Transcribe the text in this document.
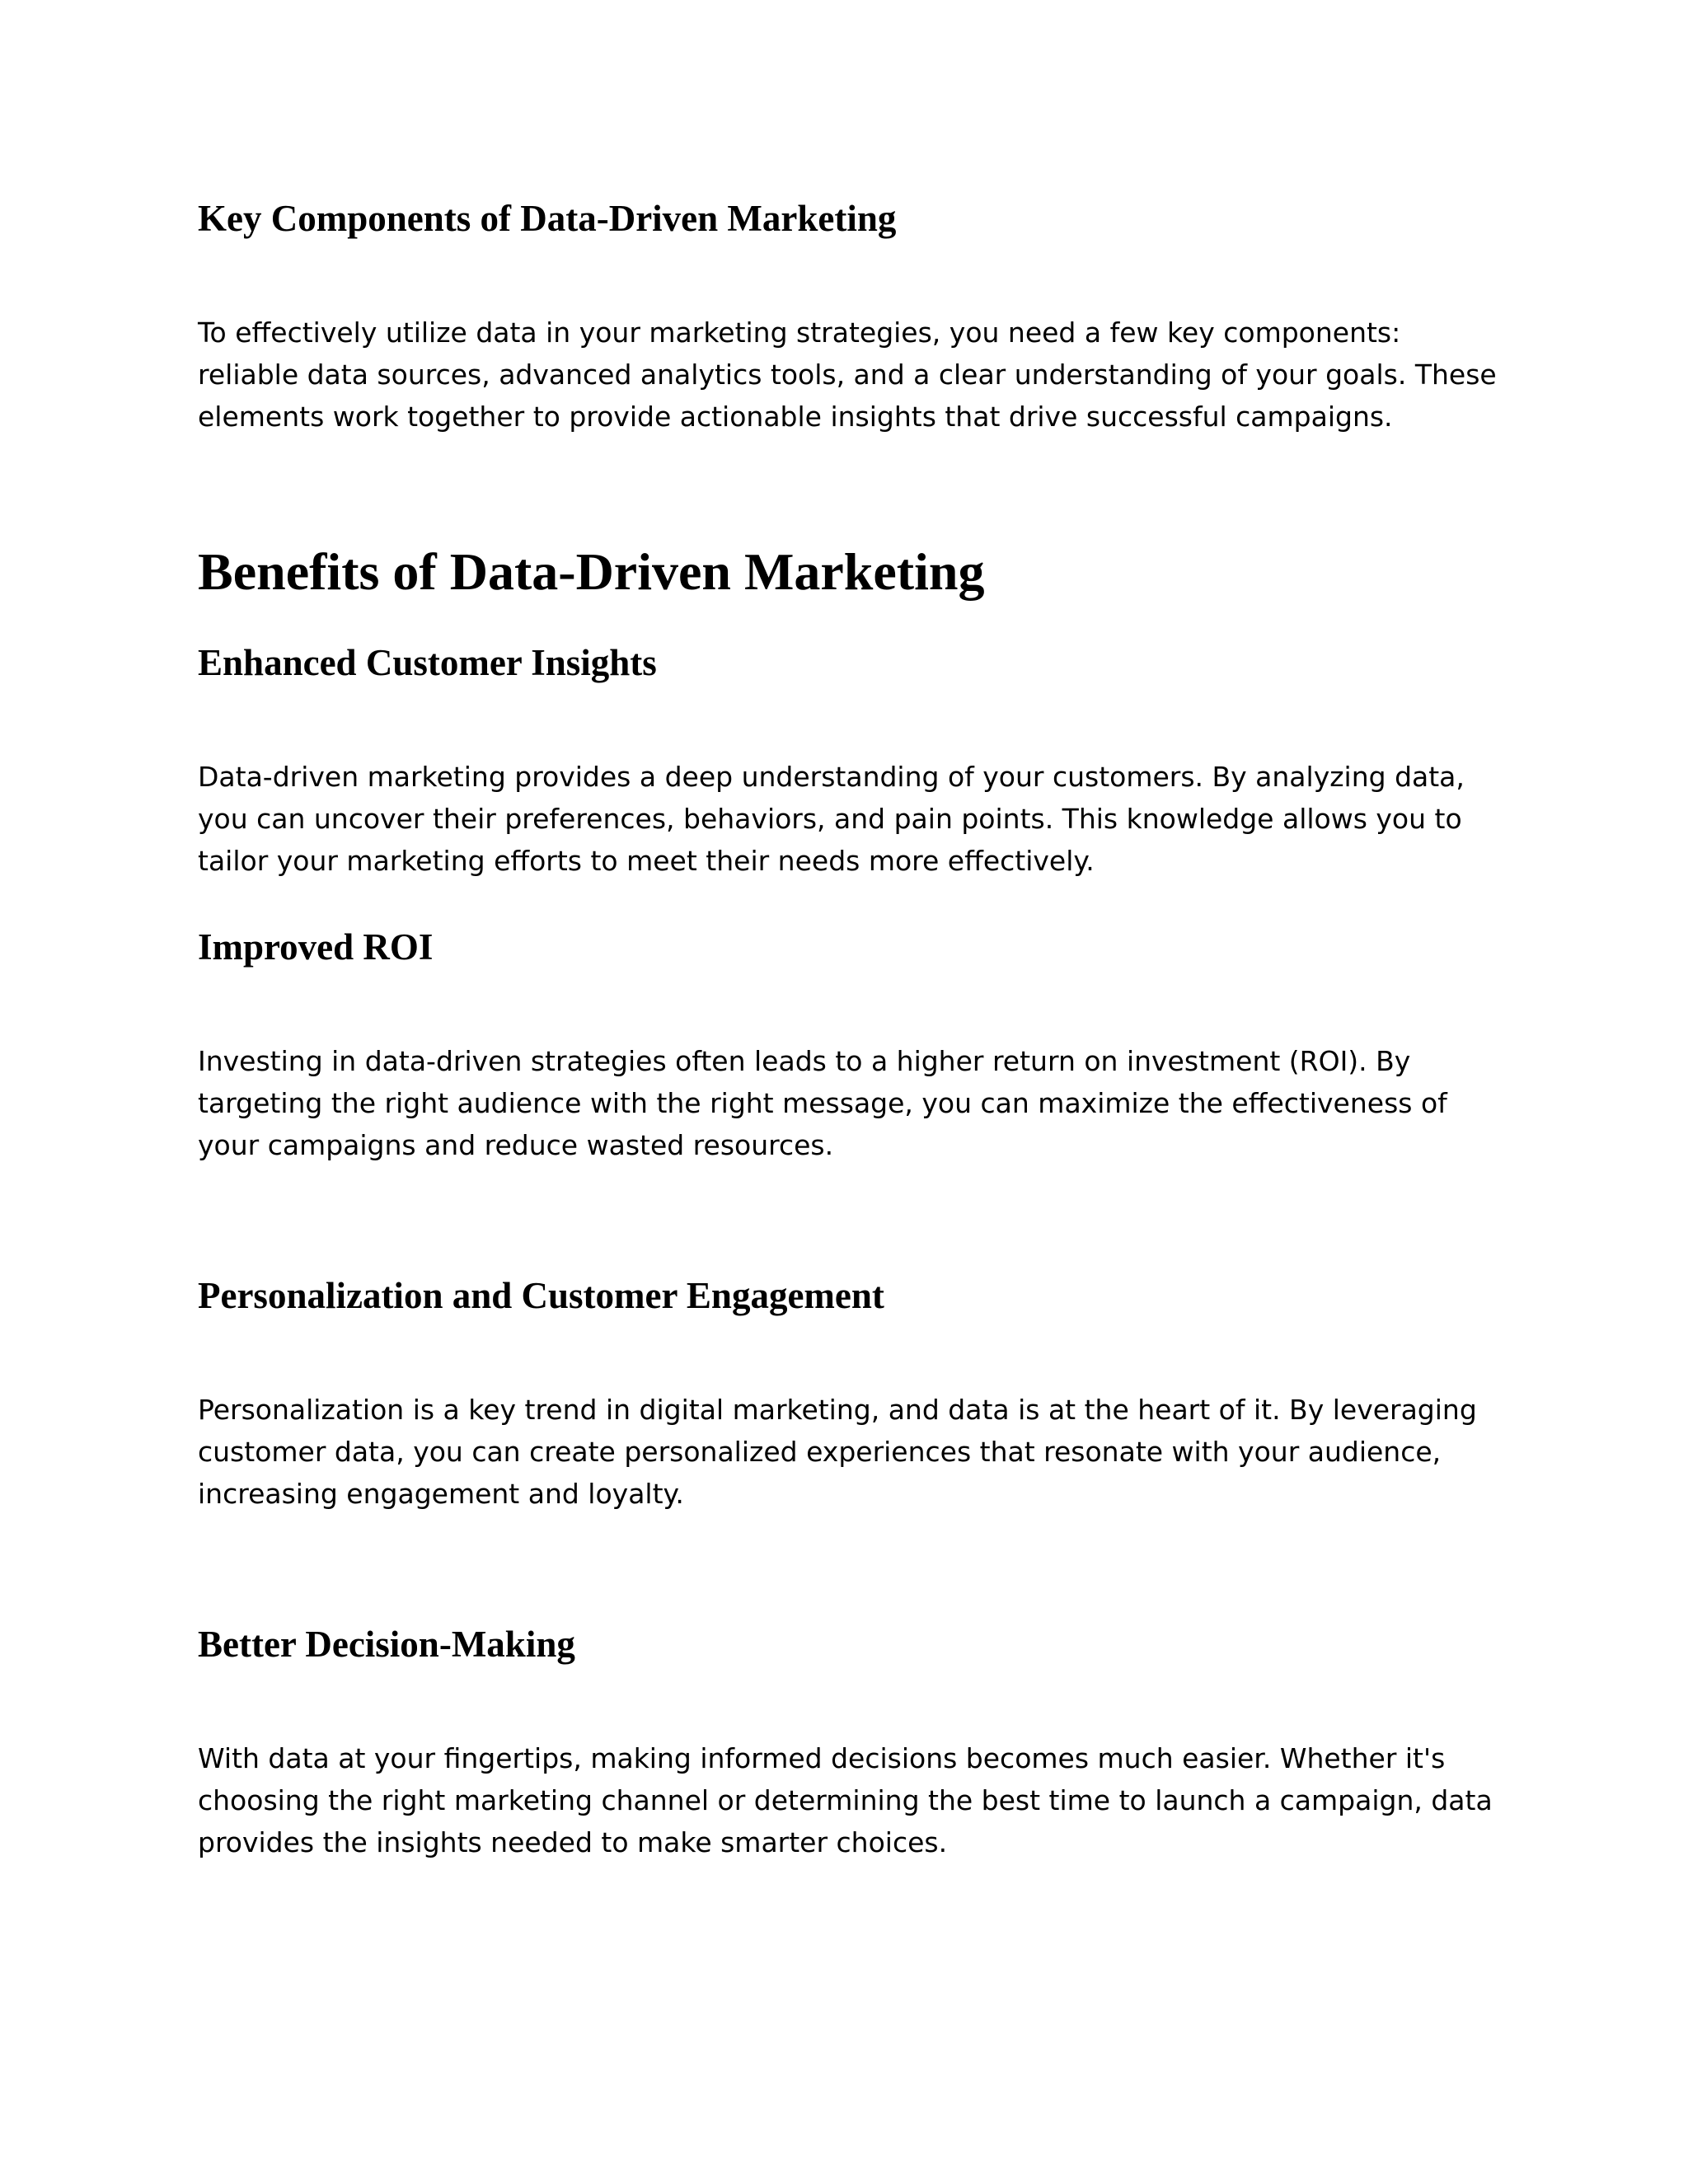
Key Components of Data-Driven Marketing

To effectively utilize data in your marketing strategies, you need a few key components: reliable data sources, advanced analytics tools, and a clear understanding of your goals. These elements work together to provide actionable insights that drive successful campaigns.

Benefits of Data-Driven Marketing
Enhanced Customer Insights

Data-driven marketing provides a deep understanding of your customers. By analyzing data, you can uncover their preferences, behaviors, and pain points. This knowledge allows you to tailor your marketing efforts to meet their needs more effectively.

Improved ROI

Investing in data-driven strategies often leads to a higher return on investment (ROI). By targeting the right audience with the right message, you can maximize the effectiveness of your campaigns and reduce wasted resources.

Personalization and Customer Engagement

Personalization is a key trend in digital marketing, and data is at the heart of it. By leveraging customer data, you can create personalized experiences that resonate with your audience, increasing engagement and loyalty.

Better Decision-Making

With data at your fingertips, making informed decisions becomes much easier. Whether it's choosing the right marketing channel or determining the best time to launch a campaign, data provides the insights needed to make smarter choices.
